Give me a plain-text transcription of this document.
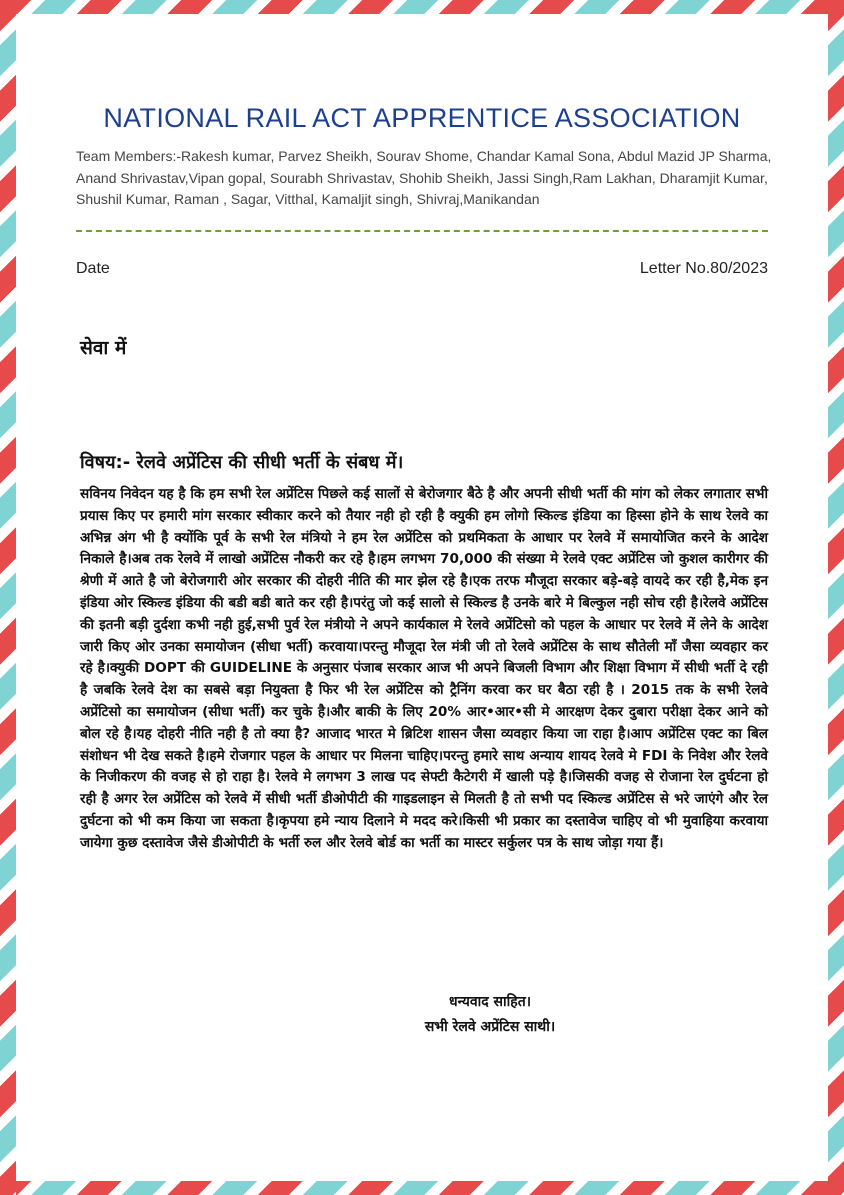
NATIONAL RAIL ACT APPRENTICE ASSOCIATION
Team Members:-Rakesh kumar, Parvez Sheikh, Sourav Shome, Chandar Kamal Sona, Abdul Mazid JP Sharma, Anand Shrivastav,Vipan gopal, Sourabh Shrivastav, Shohib Sheikh, Jassi Singh,Ram Lakhan, Dharamjit Kumar, Shushil Kumar, Raman , Sagar, Vitthal, Kamaljit singh, Shivraj,Manikandan
Date	Letter No.80/2023
सेवा में
विषय:- रेलवे अप्रेंटिस की सीधी भर्ती के संबध में।
सविनय निवेदन यह है कि हम सभी रेल अप्रेंटिस पिछले कई सालों से बेरोजगार बैठे है और अपनी सीधी भर्ती की मांग को लेकर लगातार सभी प्रयास किए पर हमारी मांग सरकार स्वीकार करने को तैयार नही हो रही है क्युकी हम लोगो स्किल्ड इंडिया का हिस्सा होने के साथ रेलवे का अभिन्न अंग भी है क्योंकि पूर्व के सभी रेल मंत्रियो ने हम रेल अप्रेंटिस को प्रथमिकता के आधार पर रेलवे में समायोजित करने के आदेश निकाले है।अब तक रेलवे में लाखो अप्रेंटिस नौकरी कर रहे है।हम लगभग 70,000 की संख्या मे रेलवे एक्ट अप्रेंटिस जो कुशल कारीगर की श्रेणी में आते है जो बेरोजगारी ओर सरकार की दोहरी नीति की मार झेल रहे है।एक तरफ मौजूदा सरकार बड़े-बड़े वायदे कर रही है,मेक इन इंडिया ओर स्किल्ड इंडिया की बडी बडी बाते कर रही है।परंतु जो कई सालो से स्किल्ड है उनके बारे मे बिल्कुल नही सोच रही है।रेलवे अप्रेंटिस की इतनी बड़ी दुर्दशा कभी नही हुई,सभी पुर्व रेल मंत्रीयो ने अपने कार्यकाल मे रेलवे अप्रेंटिसो को पहल के आधार पर रेलवे में लेने के आदेश जारी किए ओर उनका समायोजन (सीधा भर्ती) करवाया।परन्तु मौजूदा रेल मंत्री जी तो रेलवे अप्रेंटिस के साथ सौतेली माँ जैसा व्यवहार कर रहे है।क्युकी DOPT की GUIDELINE के अनुसार पंजाब सरकार आज भी अपने बिजली विभाग और शिक्षा विभाग में सीधी भर्ती दे रही है जबकि रेलवे देश का सबसे बड़ा नियुक्ता है फिर भी रेल अप्रेंटिस को ट्रैनिंग करवा कर घर बैठा रही है । 2015 तक के सभी रेलवे अप्रेंटिसो का समायोजन (सीधा भर्ती) कर चुके है।और बाकी के लिए 20% आर•आर•सी मे आरक्षण देकर दुबारा परीक्षा देकर आने को बोल रहे है।यह दोहरी नीति नही है तो क्या है? आजाद भारत मे ब्रिटिश शासन जैसा व्यवहार किया जा राहा है।आप अप्रेंटिस एक्ट का बिल संशोधन भी देख सकते है।हमे रोजगार पहल के आधार पर मिलना चाहिए।परन्तु हमारे साथ अन्याय शायद रेलवे मे FDI के निवेश और रेलवे के निजीकरण की वजह से हो राहा है। रेलवे मे लगभग 3 लाख पद सेफ्टी कैटेगरी में खाली पड़े है।जिसकी वजह से रोजाना रेल दुर्घटना हो रही है अगर रेल अप्रेंटिस को रेलवे में सीधी भर्ती डीओपीटी की गाइडलाइन से मिलती है तो सभी पद स्किल्ड अप्रेंटिस से भरे जाएंगे और रेल दुर्घटना को भी कम किया जा सकता है।कृपया हमे न्याय दिलाने मे मदद करे।किसी भी प्रकार का दस्तावेज चाहिए वो भी मुवाहिया करवाया जायेगा कुछ दस्तावेज जैसे डीओपीटी के भर्ती रुल और रेलवे बोर्ड का भर्ती का मास्टर सर्कुलर पत्र के साथ जोड़ा गया हैं।
धन्यवाद साहित।
सभी रेलवे अप्रेंटिस साथी।
